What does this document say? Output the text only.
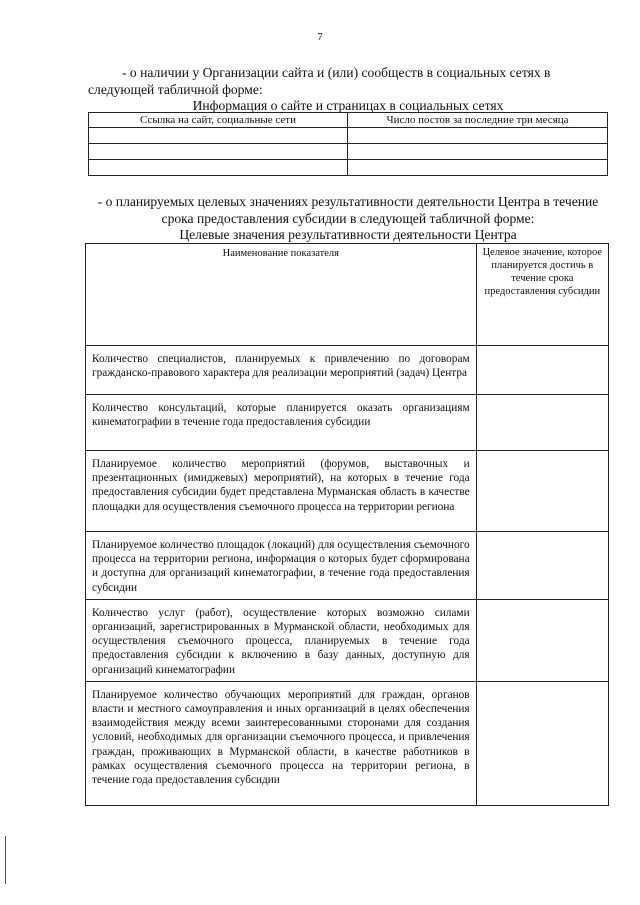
7
- о наличии у Организации сайта и (или) сообществ в социальных сетях в следующей табличной форме:
Информация о сайте и страницах в социальных сетях
Ссылка на сайт, социальные сети	Число постов за последние три месяца

- о планируемых целевых значениях результативности деятельности Центра в течение срока предоставления субсидии в следующей табличной форме:
Целевые значения результативности деятельности Центра
Наименование показателя	Целевое значение, которое планируется достичь в течение срока предоставления субсидии
Количество специалистов, планируемых к привлечению по договорам гражданско-правового характера для реализации мероприятий (задач) Центра	
Количество консультаций, которые планируется оказать организациям кинематографии в течение года предоставления субсидии	
Планируемое количество мероприятий (форумов, выставочных и презентационных (имиджевых) мероприятий), на которых в течение года предоставления субсидии будет представлена Мурманская область в качестве площадки для осуществления съемочного процесса на территории региона	
Планируемое количество площадок (локаций) для осуществления съемочного процесса на территории региона, информация о которых будет сформирована и доступна для организаций кинематографии, в течение года предоставления субсидии	
Количество услуг (работ), осуществление которых возможно силами организаций, зарегистрированных в Мурманской области, необходимых для осуществления съемочного процесса, планируемых в течение года предоставления субсидии к включению в базу данных, доступную для организаций кинематографии	
Планируемое количество обучающих мероприятий для граждан, органов власти и местного самоуправления и иных организаций в целях обеспечения взаимодействия между всеми заинтересованными сторонами для создания условий, необходимых для организации съемочного процесса, и привлечения граждан, проживающих в Мурманской области, в качестве работников в рамках осуществления съемочного процесса на территории региона, в течение года предоставления субсидии	
